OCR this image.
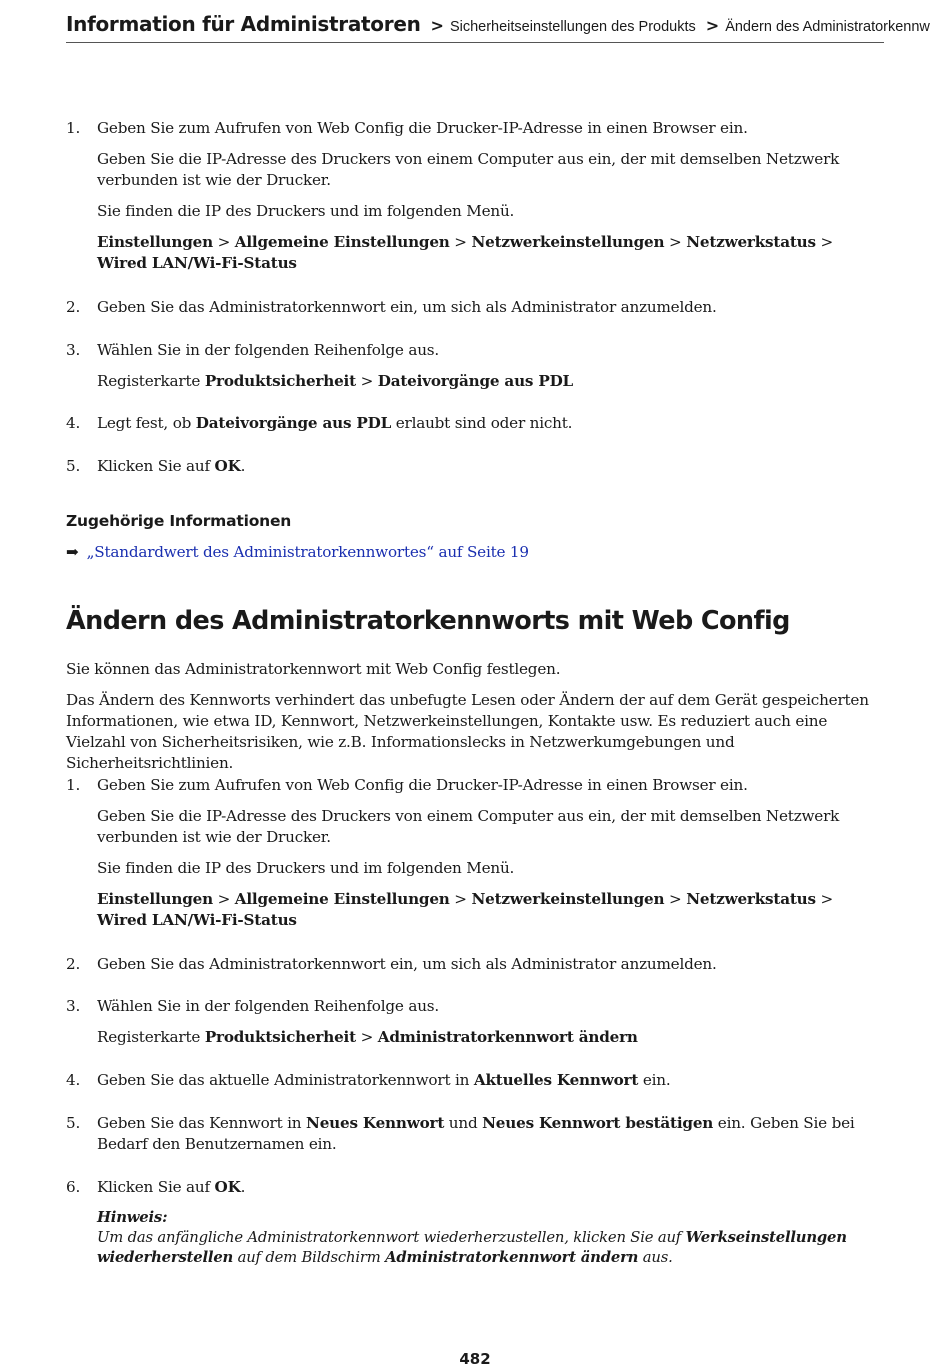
Information für Administratoren > Sicherheitseinstellungen des Produkts > Ändern des Administratorkennw
1.	Geben Sie zum Aufrufen von Web Config die Drucker-IP-Adresse in einen Browser ein.

Geben Sie die IP-Adresse des Druckers von einem Computer aus ein, der mit demselben Netzwerk verbunden ist wie der Drucker.

Sie finden die IP des Druckers und im folgenden Menü.

Einstellungen > Allgemeine Einstellungen > Netzwerkeinstellungen > Netzwerkstatus > Wired LAN/Wi-Fi-Status

2.	Geben Sie das Administratorkennwort ein, um sich als Administrator anzumelden.

3.	Wählen Sie in der folgenden Reihenfolge aus.

Registerkarte Produktsicherheit > Dateivorgänge aus PDL

4.	Legt fest, ob Dateivorgänge aus PDL erlaubt sind oder nicht.

5.	Klicken Sie auf OK.

Zugehörige Informationen
➡ „Standardwert des Administratorkennwortes“ auf Seite 19
Ändern des Administratorkennworts mit Web Config
Sie können das Administratorkennwort mit Web Config festlegen.
Das Ändern des Kennworts verhindert das unbefugte Lesen oder Ändern der auf dem Gerät gespeicherten Informationen, wie etwa ID, Kennwort, Netzwerkeinstellungen, Kontakte usw. Es reduziert auch eine Vielzahl von Sicherheitsrisiken, wie z.B. Informationslecks in Netzwerkumgebungen und Sicherheitsrichtlinien.
1.	Geben Sie zum Aufrufen von Web Config die Drucker-IP-Adresse in einen Browser ein.

Geben Sie die IP-Adresse des Druckers von einem Computer aus ein, der mit demselben Netzwerk verbunden ist wie der Drucker.

Sie finden die IP des Druckers und im folgenden Menü.

Einstellungen > Allgemeine Einstellungen > Netzwerkeinstellungen > Netzwerkstatus > Wired LAN/Wi-Fi-Status

2.	Geben Sie das Administratorkennwort ein, um sich als Administrator anzumelden.

3.	Wählen Sie in der folgenden Reihenfolge aus.

Registerkarte Produktsicherheit > Administratorkennwort ändern

4.	Geben Sie das aktuelle Administratorkennwort in Aktuelles Kennwort ein.

5.	Geben Sie das Kennwort in Neues Kennwort und Neues Kennwort bestätigen ein. Geben Sie bei Bedarf den Benutzernamen ein.

6.	Klicken Sie auf OK.

Hinweis:
Um das anfängliche Administratorkennwort wiederherzustellen, klicken Sie auf Werkseinstellungen wiederherstellen auf dem Bildschirm Administratorkennwort ändern aus.
482
